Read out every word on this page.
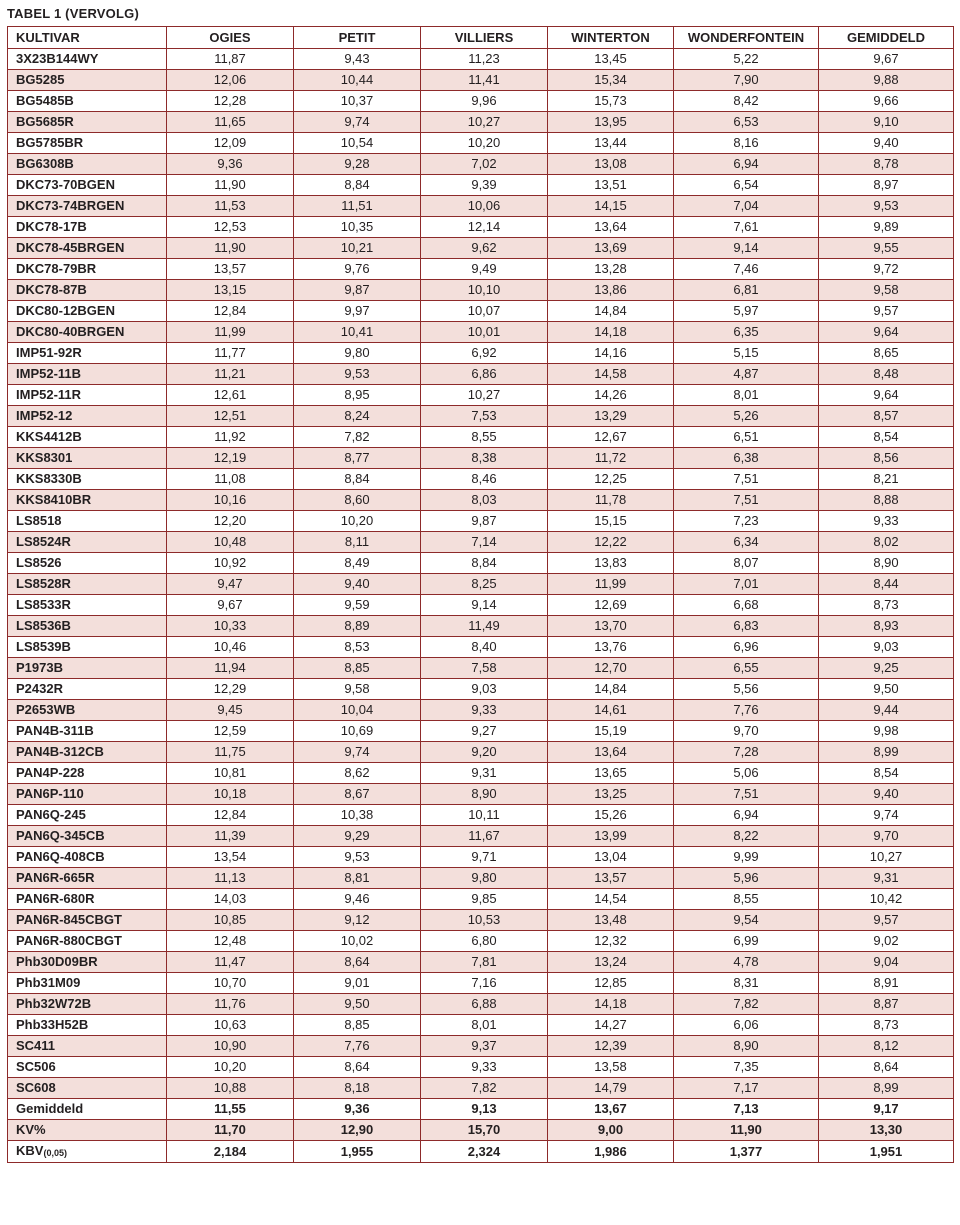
TABEL 1 (VERVOLG)
KULTIVAR	OGIES	PETIT	VILLIERS	WINTERTON	WONDERFONTEIN	GEMIDDELD
3X23B144WY	11,87	9,43	11,23	13,45	5,22	9,67
BG5285	12,06	10,44	11,41	15,34	7,90	9,88
BG5485B	12,28	10,37	9,96	15,73	8,42	9,66
BG5685R	11,65	9,74	10,27	13,95	6,53	9,10
BG5785BR	12,09	10,54	10,20	13,44	8,16	9,40
BG6308B	9,36	9,28	7,02	13,08	6,94	8,78
DKC73-70BGEN	11,90	8,84	9,39	13,51	6,54	8,97
DKC73-74BRGEN	11,53	11,51	10,06	14,15	7,04	9,53
DKC78-17B	12,53	10,35	12,14	13,64	7,61	9,89
DKC78-45BRGEN	11,90	10,21	9,62	13,69	9,14	9,55
DKC78-79BR	13,57	9,76	9,49	13,28	7,46	9,72
DKC78-87B	13,15	9,87	10,10	13,86	6,81	9,58
DKC80-12BGEN	12,84	9,97	10,07	14,84	5,97	9,57
DKC80-40BRGEN	11,99	10,41	10,01	14,18	6,35	9,64
IMP51-92R	11,77	9,80	6,92	14,16	5,15	8,65
IMP52-11B	11,21	9,53	6,86	14,58	4,87	8,48
IMP52-11R	12,61	8,95	10,27	14,26	8,01	9,64
IMP52-12	12,51	8,24	7,53	13,29	5,26	8,57
KKS4412B	11,92	7,82	8,55	12,67	6,51	8,54
KKS8301	12,19	8,77	8,38	11,72	6,38	8,56
KKS8330B	11,08	8,84	8,46	12,25	7,51	8,21
KKS8410BR	10,16	8,60	8,03	11,78	7,51	8,88
LS8518	12,20	10,20	9,87	15,15	7,23	9,33
LS8524R	10,48	8,11	7,14	12,22	6,34	8,02
LS8526	10,92	8,49	8,84	13,83	8,07	8,90
LS8528R	9,47	9,40	8,25	11,99	7,01	8,44
LS8533R	9,67	9,59	9,14	12,69	6,68	8,73
LS8536B	10,33	8,89	11,49	13,70	6,83	8,93
LS8539B	10,46	8,53	8,40	13,76	6,96	9,03
P1973B	11,94	8,85	7,58	12,70	6,55	9,25
P2432R	12,29	9,58	9,03	14,84	5,56	9,50
P2653WB	9,45	10,04	9,33	14,61	7,76	9,44
PAN4B-311B	12,59	10,69	9,27	15,19	9,70	9,98
PAN4B-312CB	11,75	9,74	9,20	13,64	7,28	8,99
PAN4P-228	10,81	8,62	9,31	13,65	5,06	8,54
PAN6P-110	10,18	8,67	8,90	13,25	7,51	9,40
PAN6Q-245	12,84	10,38	10,11	15,26	6,94	9,74
PAN6Q-345CB	11,39	9,29	11,67	13,99	8,22	9,70
PAN6Q-408CB	13,54	9,53	9,71	13,04	9,99	10,27
PAN6R-665R	11,13	8,81	9,80	13,57	5,96	9,31
PAN6R-680R	14,03	9,46	9,85	14,54	8,55	10,42
PAN6R-845CBGT	10,85	9,12	10,53	13,48	9,54	9,57
PAN6R-880CBGT	12,48	10,02	6,80	12,32	6,99	9,02
Phb30D09BR	11,47	8,64	7,81	13,24	4,78	9,04
Phb31M09	10,70	9,01	7,16	12,85	8,31	8,91
Phb32W72B	11,76	9,50	6,88	14,18	7,82	8,87
Phb33H52B	10,63	8,85	8,01	14,27	6,06	8,73
SC411	10,90	7,76	9,37	12,39	8,90	8,12
SC506	10,20	8,64	9,33	13,58	7,35	8,64
SC608	10,88	8,18	7,82	14,79	7,17	8,99
Gemiddeld	11,55	9,36	9,13	13,67	7,13	9,17
KV%	11,70	12,90	15,70	9,00	11,90	13,30
$KBV_{(0,05)}$	2,184	1,955	2,324	1,986	1,377	1,951
